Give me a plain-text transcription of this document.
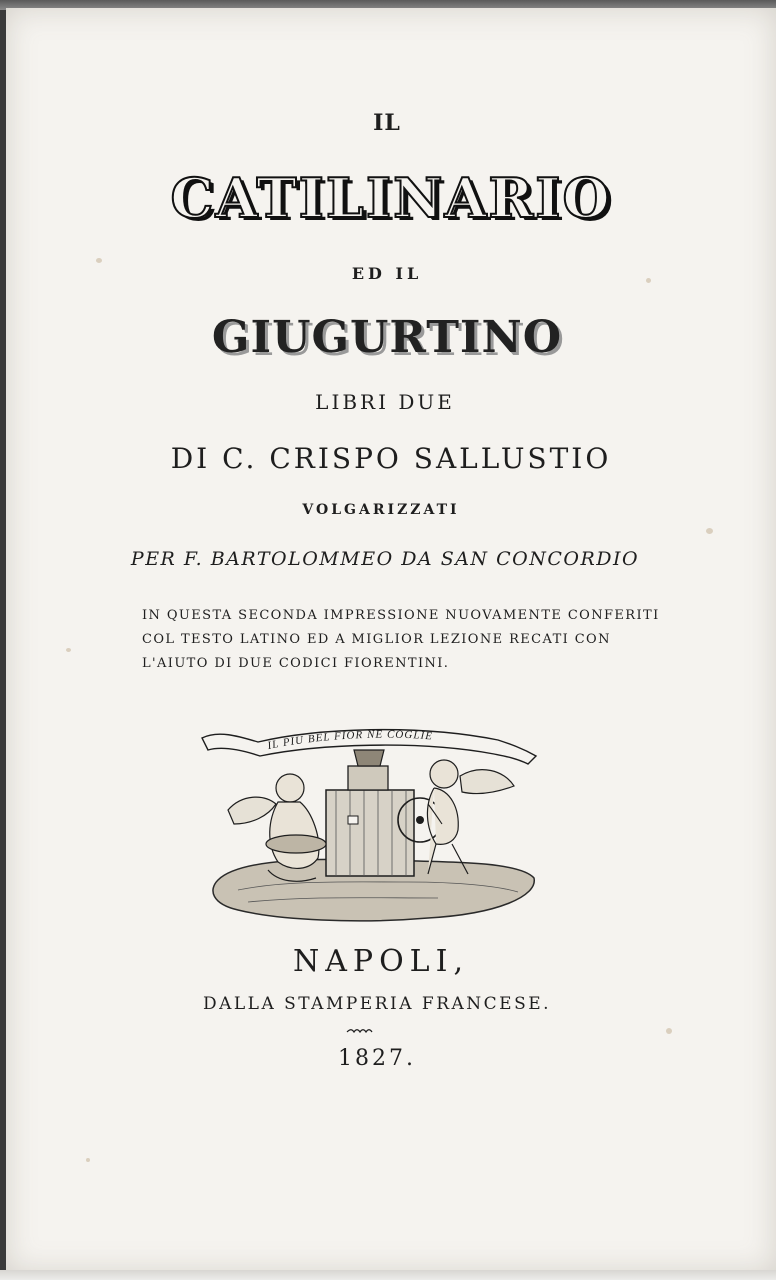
IL
CATILINARIO
ED IL
GIUGURTINO
LIBRI DUE
DI C. CRISPO SALLUSTIO
VOLGARIZZATI
PER F. BARTOLOMMEO DA SAN CONCORDIO
IN QUESTA SECONDA IMPRESSIONE NUOVAMENTE CONFERITI
COL TESTO LATINO ED A MIGLIOR LEZIONE RECATI CON
L'AIUTO DI DUE CODICI FIORENTINI.
IL PIU BEL FIOR NE COGLIE
NAPOLI,
DALLA STAMPERIA FRANCESE.
1827.
